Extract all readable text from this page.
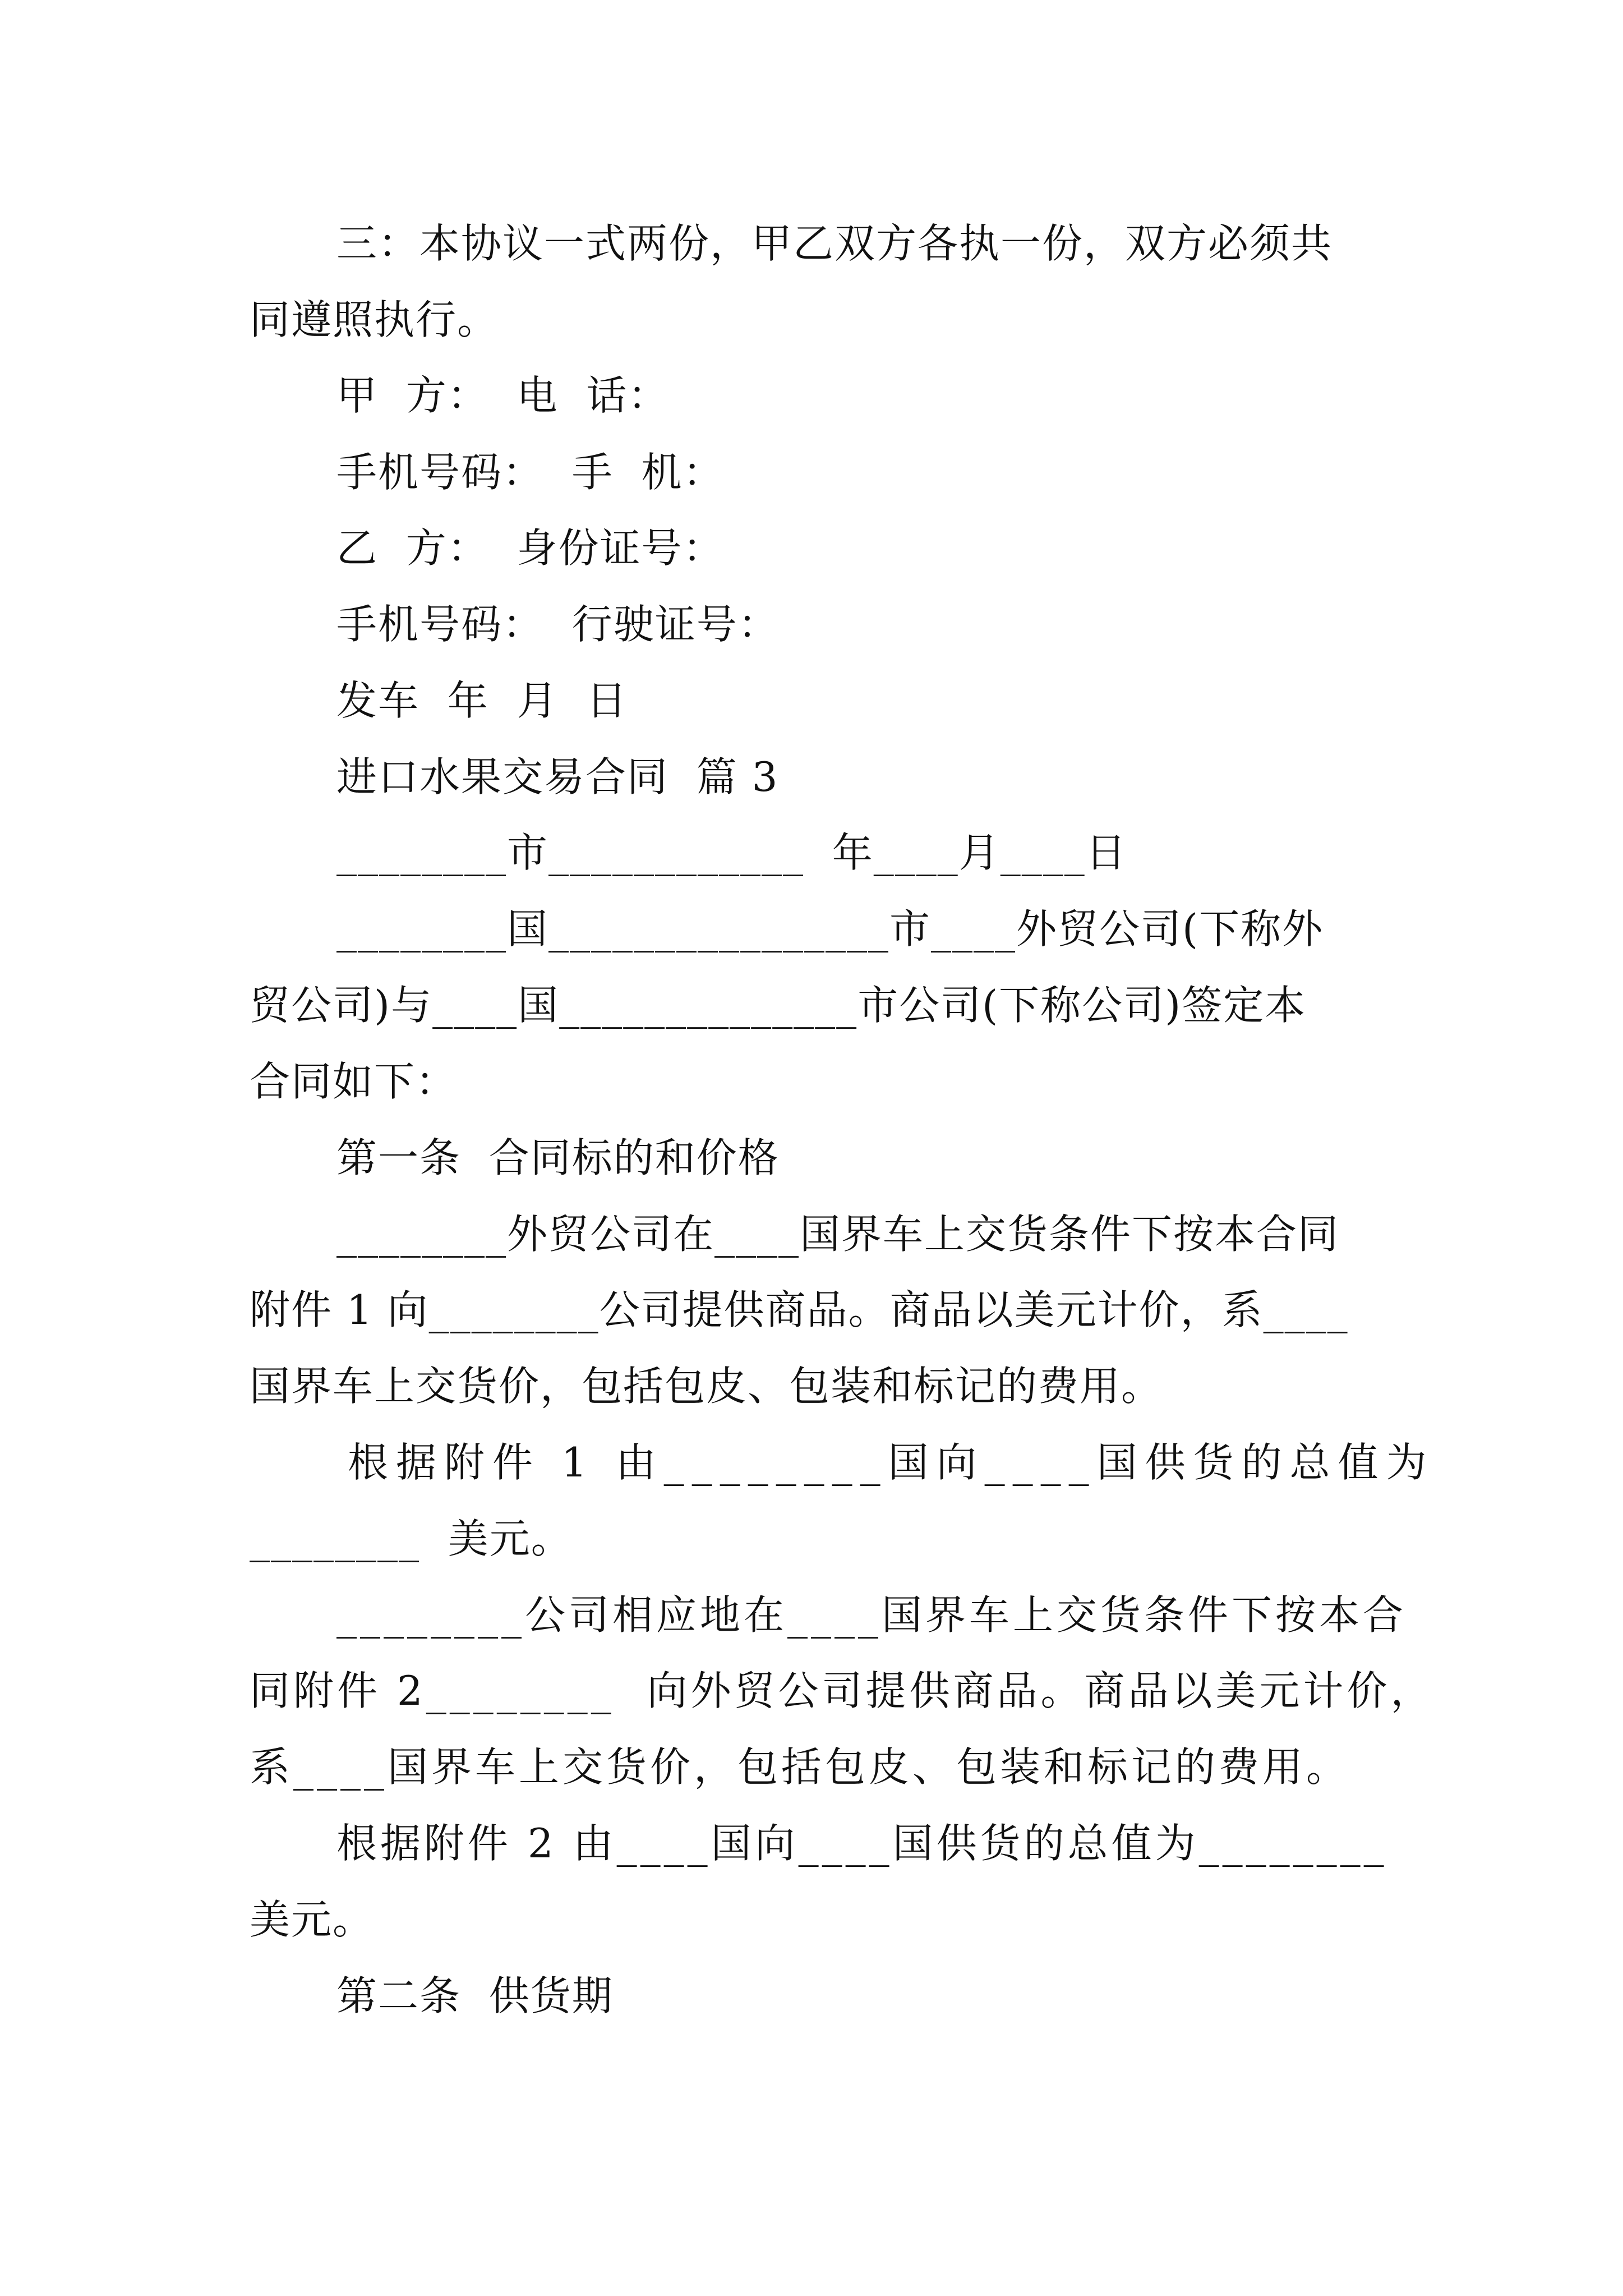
三：本协议一式两份，甲乙双方各执一份，双方必须共
同遵照执行。
甲  方：  电  话：
手机号码：  手  机：
乙  方：  身份证号：
手机号码：  行驶证号：
发车  年  月  日
进口水果交易合同  篇 3
________市____________  年____月____日
________国________________市____外贸公司(下称外
贸公司)与____国______________市公司(下称公司)签定本
合同如下：
第一条  合同标的和价格
________外贸公司在____国界车上交货条件下按本合同
附件 1 向________公司提供商品。商品以美元计价，系____
国界车上交货价，包括包皮、包装和标记的费用。
根据附件 1 由________国向____国供货的总值为
________  美元。
________公司相应地在____国界车上交货条件下按本合
同附件 2________  向外贸公司提供商品。商品以美元计价，
系____国界车上交货价，包括包皮、包装和标记的费用。
根据附件 2 由____国向____国供货的总值为________
美元。
第二条  供货期
